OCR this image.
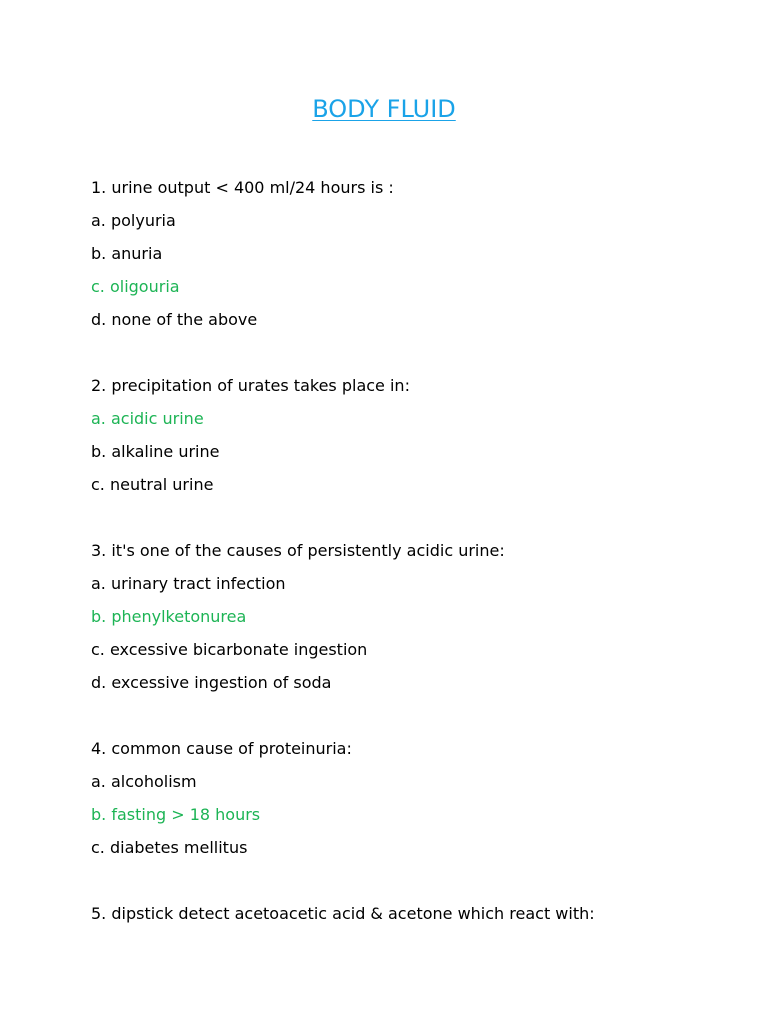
BODY FLUID
1. urine output < 400 ml/24 hours is :
a. polyuria
b. anuria
c. oligouria
d. none of the above
2. precipitation of urates takes place in:
a. acidic urine
b. alkaline urine
c. neutral urine
3. it's one of the causes of persistently acidic urine:
a. urinary tract infection
b. phenylketonurea
c. excessive bicarbonate ingestion
d. excessive ingestion of soda
4. common cause of proteinuria:
a. alcoholism
b. fasting > 18 hours
c. diabetes mellitus
5. dipstick detect acetoacetic acid & acetone which react with:
